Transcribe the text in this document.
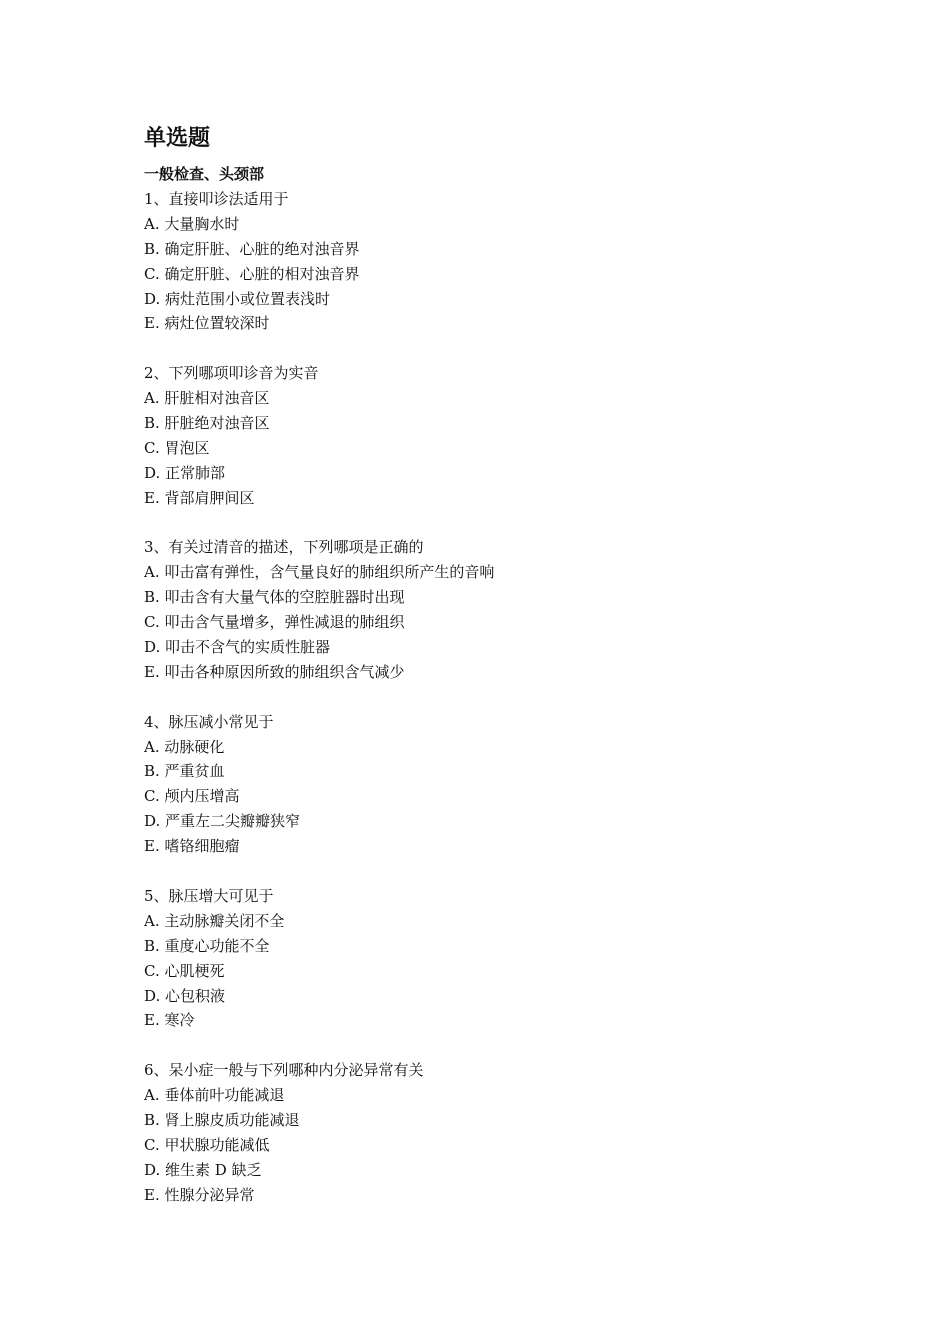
单选题
一般检查、头颈部
1、直接叩诊法适用于
A. 大量胸水时
B. 确定肝脏、心脏的绝对浊音界
C. 确定肝脏、心脏的相对浊音界
D. 病灶范围小或位置表浅时
E. 病灶位置较深时
2、下列哪项叩诊音为实音
A. 肝脏相对浊音区
B. 肝脏绝对浊音区
C. 胃泡区
D. 正常肺部
E. 背部肩胛间区
3、有关过清音的描述，下列哪项是正确的
A. 叩击富有弹性，含气量良好的肺组织所产生的音响
B. 叩击含有大量气体的空腔脏器时出现
C. 叩击含气量增多，弹性减退的肺组织
D. 叩击不含气的实质性脏器
E. 叩击各种原因所致的肺组织含气减少
4、脉压减小常见于
A. 动脉硬化
B. 严重贫血
C. 颅内压增高
D. 严重左二尖瓣瓣狭窄
E. 嗜铬细胞瘤
5、脉压增大可见于
A. 主动脉瓣关闭不全
B. 重度心功能不全
C. 心肌梗死
D. 心包积液
E. 寒冷
6、呆小症一般与下列哪种内分泌异常有关
A. 垂体前叶功能减退
B. 肾上腺皮质功能减退
C. 甲状腺功能减低
D. 维生素 D 缺乏
E. 性腺分泌异常
